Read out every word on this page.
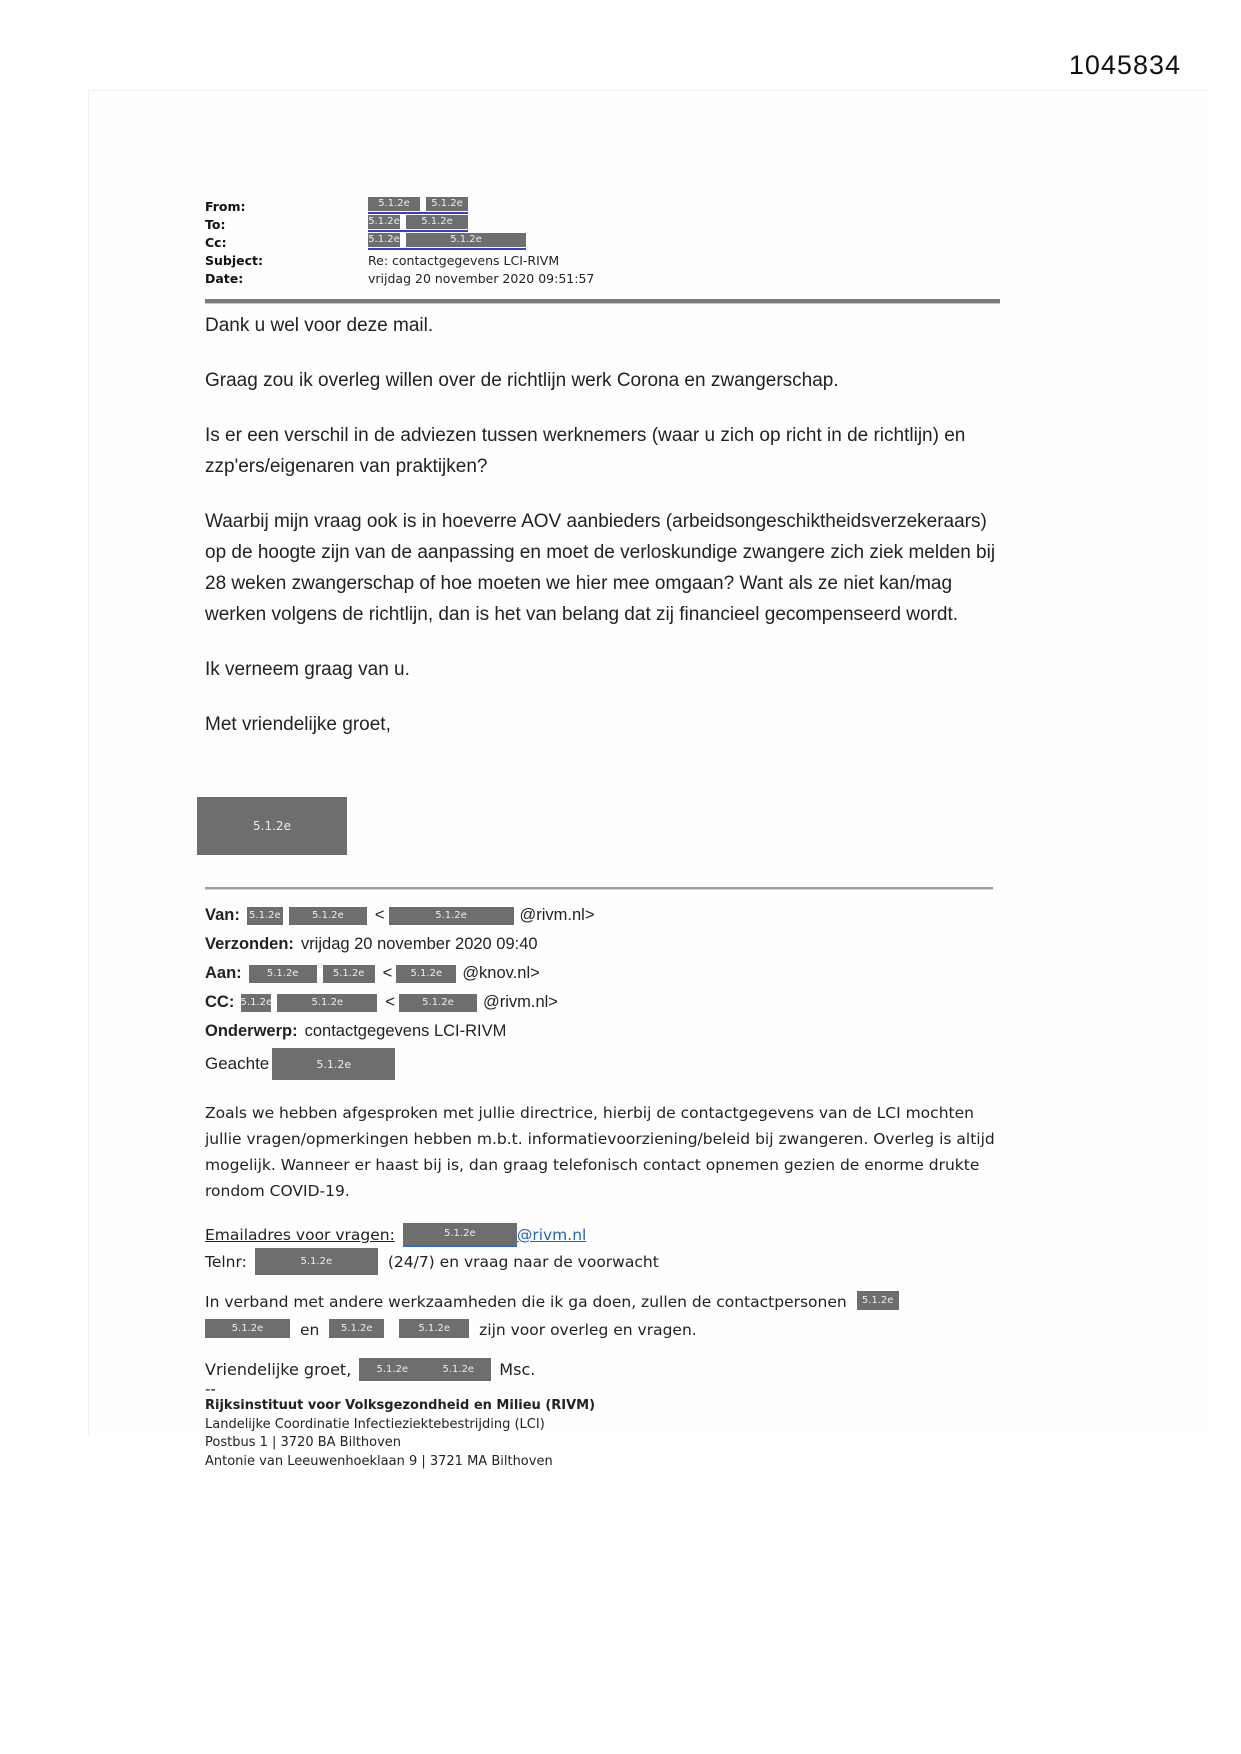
1045834
From:	5.1.2e	5.1.2e
To:	5.1.2e	5.1.2e
Cc:	5.1.2e	5.1.2e
Subject:	Re: contactgegevens LCI-RIVM
Date:	vrijdag 20 november 2020 09:51:57

Dank u wel voor deze mail.

Graag zou ik overleg willen over de richtlijn werk Corona en zwangerschap.

Is er een verschil in de adviezen tussen werknemers (waar u zich op richt in de richtlijn) en zzp'ers/eigenaren van praktijken?

Waarbij mijn vraag ook is in hoeverre AOV aanbieders (arbeidsongeschiktheidsverzekeraars) op de hoogte zijn van de aanpassing en moet de verloskundige zwangere zich ziek melden bij 28 weken zwangerschap of hoe moeten we hier mee omgaan? Want als ze niet kan/mag werken volgens de richtlijn, dan is het van belang dat zij financieel gecompenseerd wordt.

Ik verneem graag van u.

Met vriendelijke groet,

5.1.2e
Van: 5.1.2e	5.1.2e	<	5.1.2e	@rivm.nl>
Verzonden: vrijdag 20 november 2020 09:40
Aan:	5.1.2e	5.1.2e	<	5.1.2e	@knov.nl>
CC: 5.1.2e	5.1.2e	<	5.1.2e	@rivm.nl>
Onderwerp: contactgegevens LCI-RIVM
Geachte	5.1.2e
Zoals we hebben afgesproken met jullie directrice, hierbij de contactgegevens van de LCI mochten jullie vragen/opmerkingen hebben m.b.t. informatievoorziening/beleid bij zwangeren. Overleg is altijd mogelijk. Wanneer er haast bij is, dan graag telefonisch contact opnemen gezien de enorme drukte rondom COVID-19.
Emailadres voor vragen:	5.1.2e	@rivm.nl
Telnr:	5.1.2e	(24/7) en vraag naar de voorwacht
In verband met andere werkzaamheden die ik ga doen, zullen de contactpersonen 5.1.2e
5.1.2e en 5.1.2e	5.1.2e zijn voor overleg en vragen.
Vriendelijke groet,	5.1.2e	5.1.2e Msc.
--
Rijksinstituut voor Volksgezondheid en Milieu (RIVM)
Landelijke Coordinatie Infectieziektebestrijding (LCI)
Postbus 1 | 3720 BA Bilthoven
Antonie van Leeuwenhoeklaan 9 | 3721 MA Bilthoven
